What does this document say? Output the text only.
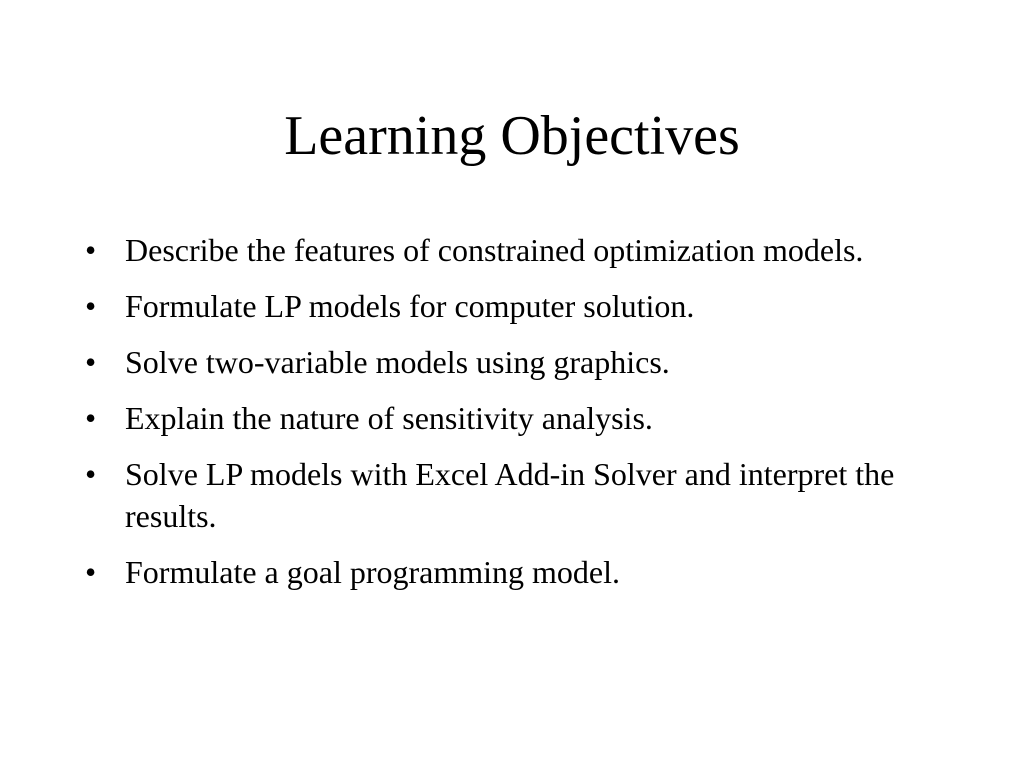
Learning Objectives
• Describe the features of constrained optimization models.
• Formulate LP models for computer solution.
• Solve two-variable models using graphics.
• Explain the nature of sensitivity analysis.
• Solve LP models with Excel Add-in Solver and interpret the results.
• Formulate a goal programming model.
